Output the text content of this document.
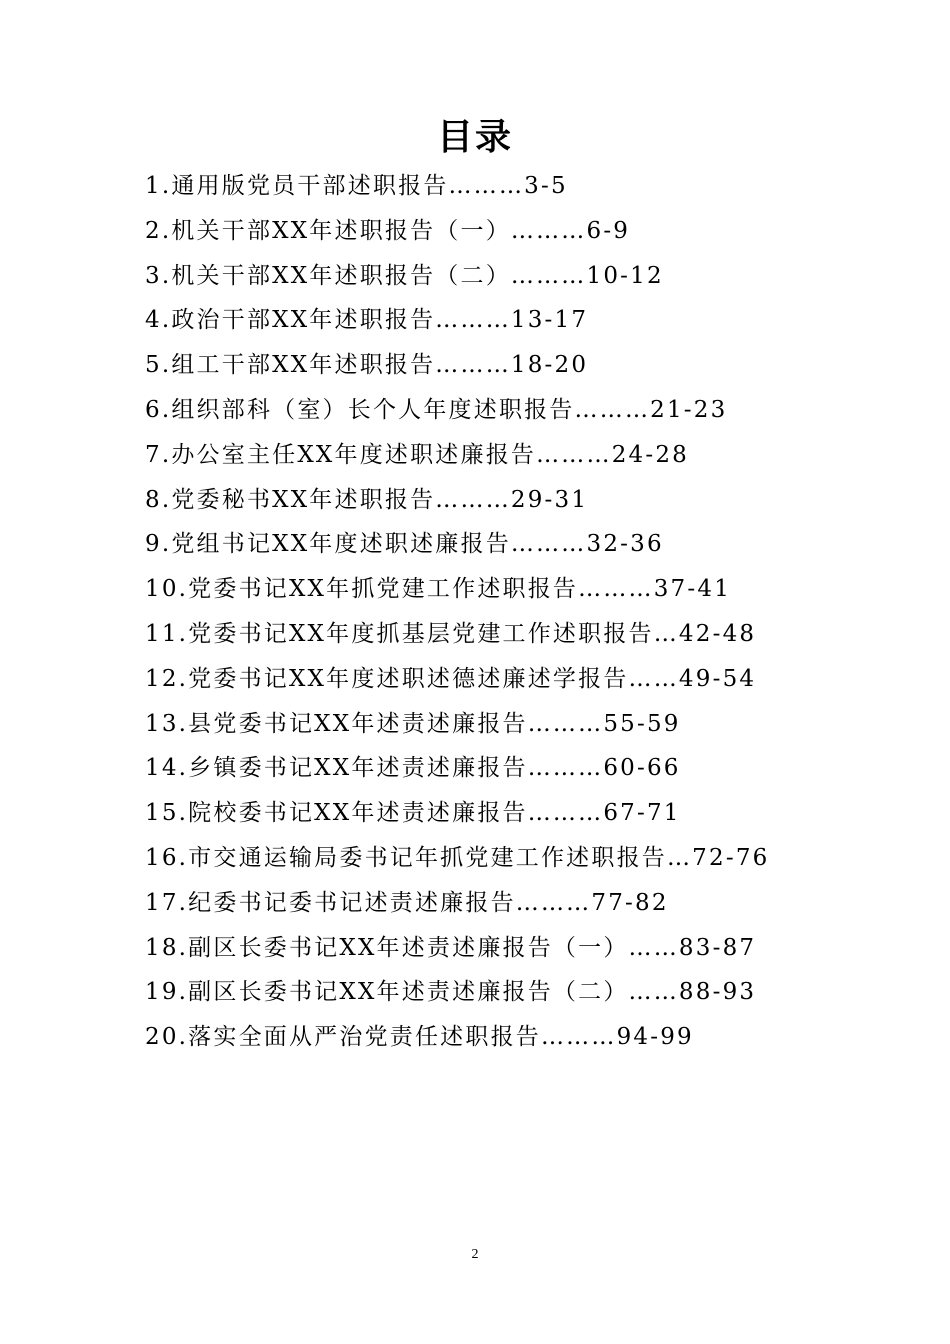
目录
1.通用版党员干部述职报告………3-5
2.机关干部XX年述职报告（一）………6-9
3.机关干部XX年述职报告（二）………10-12
4.政治干部XX年述职报告………13-17
5.组工干部XX年述职报告………18-20
6.组织部科（室）长个人年度述职报告………21-23
7.办公室主任XX年度述职述廉报告………24-28
8.党委秘书XX年述职报告………29-31
9.党组书记XX年度述职述廉报告………32-36
10.党委书记XX年抓党建工作述职报告………37-41
11.党委书记XX年度抓基层党建工作述职报告…42-48
12.党委书记XX年度述职述德述廉述学报告……49-54
13.县党委书记XX年述责述廉报告………55-59
14.乡镇委书记XX年述责述廉报告………60-66
15.院校委书记XX年述责述廉报告………67-71
16.市交通运输局委书记年抓党建工作述职报告…72-76
17.纪委书记委书记述责述廉报告………77-82
18.副区长委书记XX年述责述廉报告（一）……83-87
19.副区长委书记XX年述责述廉报告（二）……88-93
20.落实全面从严治党责任述职报告………94-99
2
